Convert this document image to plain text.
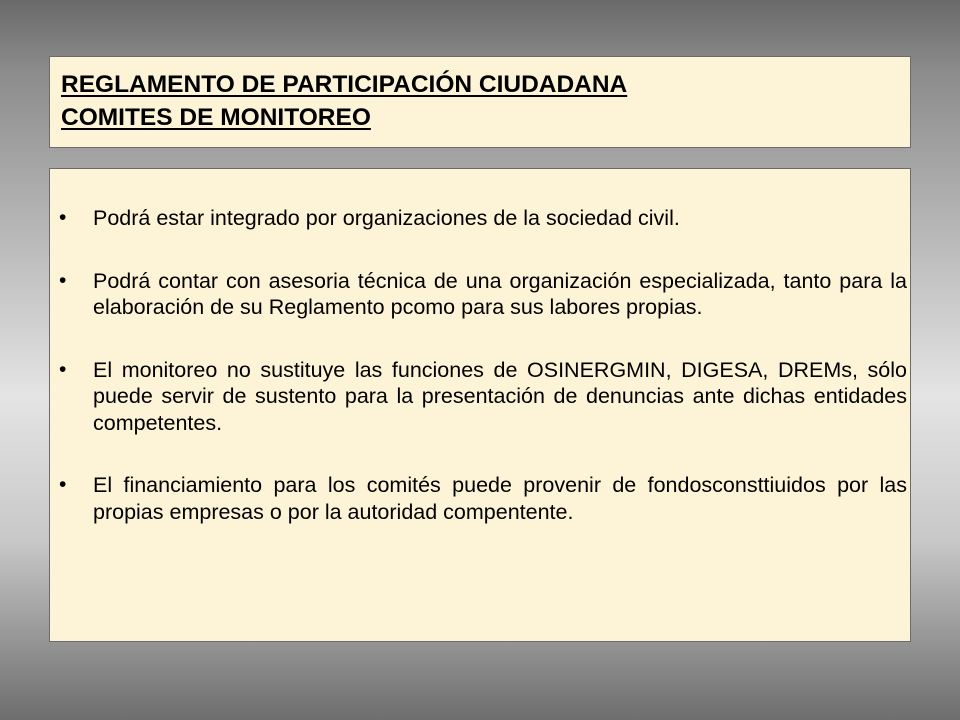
REGLAMENTO DE PARTICIPACIÓN CIUDADANA
COMITES DE MONITOREO
• Podrá estar integrado por organizaciones de la sociedad civil.
• Podrá contar con asesoria técnica de una organización especializada, tanto para la elaboración de su Reglamento pcomo para sus labores propias.
• El monitoreo no sustituye las funciones de OSINERGMIN, DIGESA, DREMs, sólo puede servir de sustento para la presentación de denuncias ante dichas entidades competentes.
• El financiamiento para los comités puede provenir de fondosconsttiuidos por las propias empresas o por la autoridad compentente.
